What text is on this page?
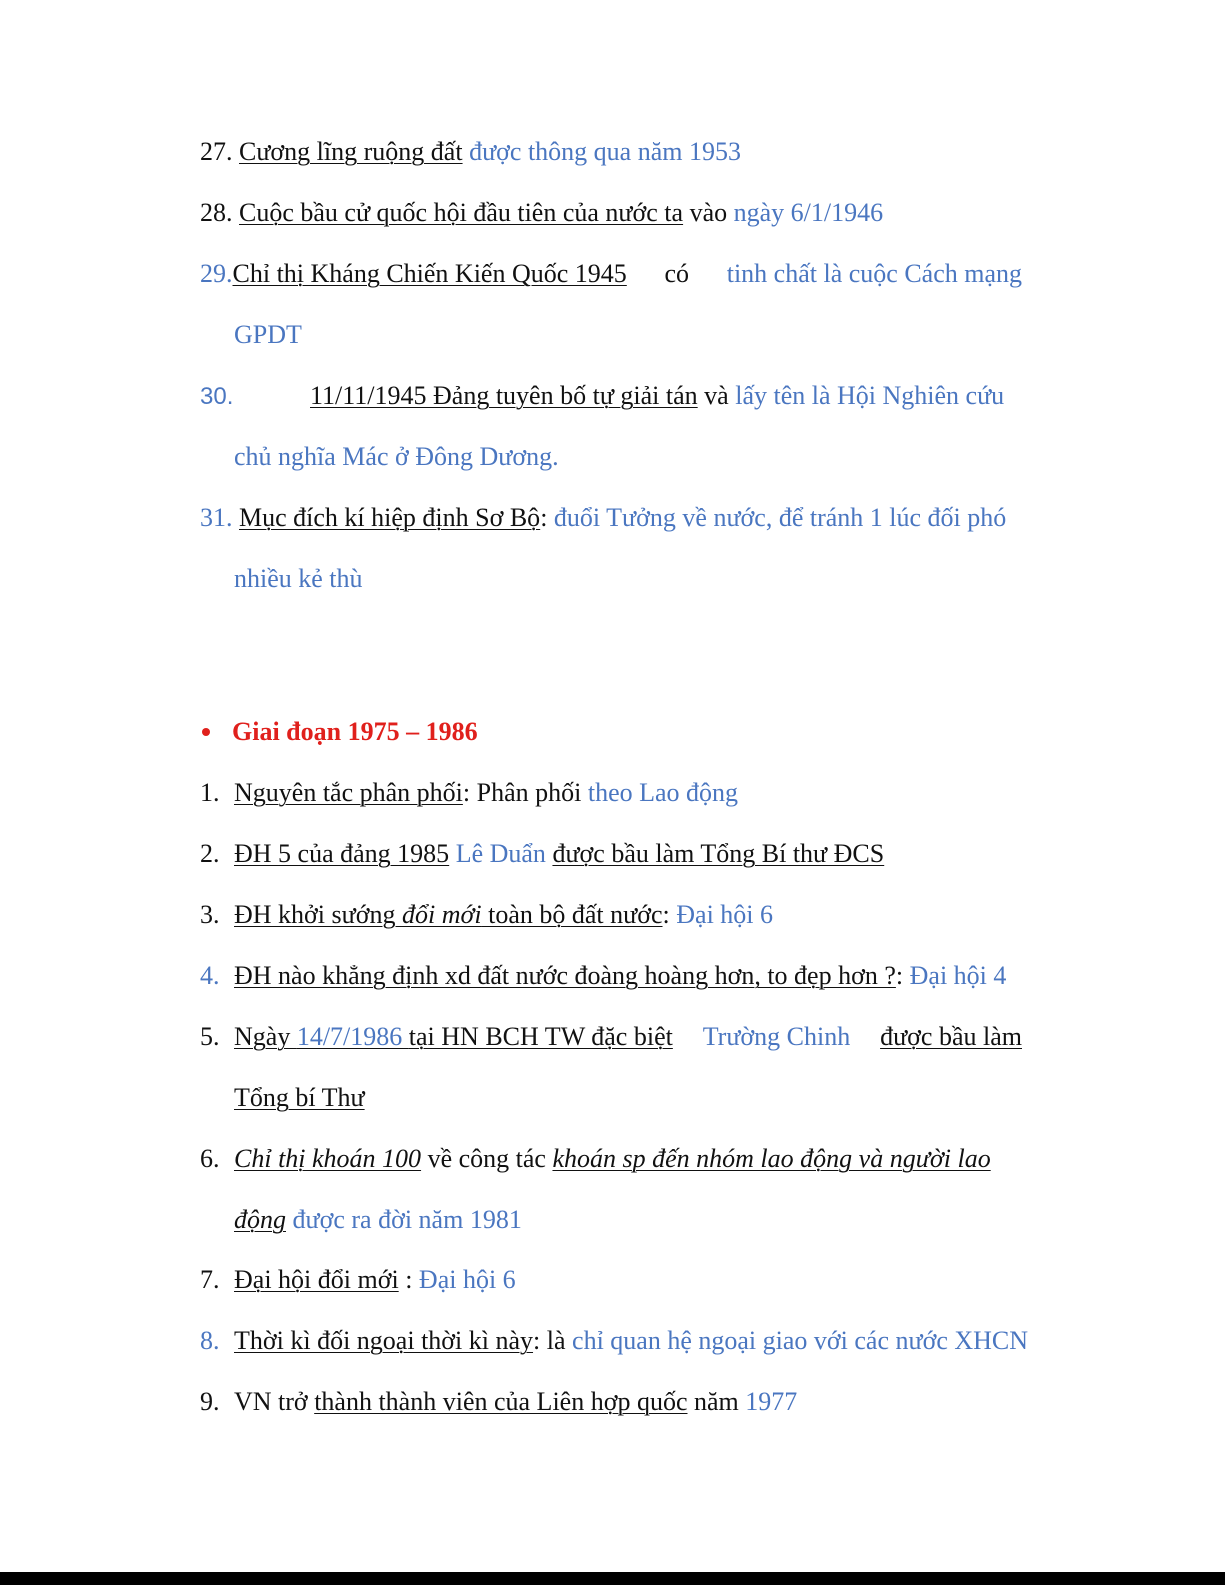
27. Cương lĩng ruộng đất được thông qua năm 1953
28. Cuộc bầu cử quốc hội đầu tiên của nước ta vào ngày 6/1/1946
29.Chỉ thị Kháng Chiến Kiến Quốc 1945 có tinh chất là cuộc Cách mạng
GPDT
30.	11/11/1945 Đảng tuyên bố tự giải tán và lấy tên là Hội Nghiên cứu
chủ nghĩa Mác ở Đông Dương.
31. Mục đích kí hiệp định Sơ Bộ: đuổi Tưởng về nước, để tránh 1 lúc đối phó
nhiều kẻ thù
Giai đoạn 1975 – 1986
1. Nguyên tắc phân phối: Phân phối theo Lao động
2. ĐH 5 của đảng 1985 Lê Duẩn được bầu làm Tổng Bí thư ĐCS
3. ĐH khởi sướng đổi mới toàn bộ đất nước: Đại hội 6
4. ĐH nào khẳng định xd đất nước đoàng hoàng hơn, to đẹp hơn ?: Đại hội 4
5. Ngày 14/7/1986 tại HN BCH TW đặc biệt Trường Chinh được bầu làm
Tổng bí Thư
6. Chỉ thị khoán 100 về công tác khoán sp đến nhóm lao động và người lao
động được ra đời năm 1981
7. Đại hội đổi mới : Đại hội 6
8. Thời kì đối ngoại thời kì này: là chỉ quan hệ ngoại giao với các nước XHCN
9. VN trở thành thành viên của Liên hợp quốc năm 1977
